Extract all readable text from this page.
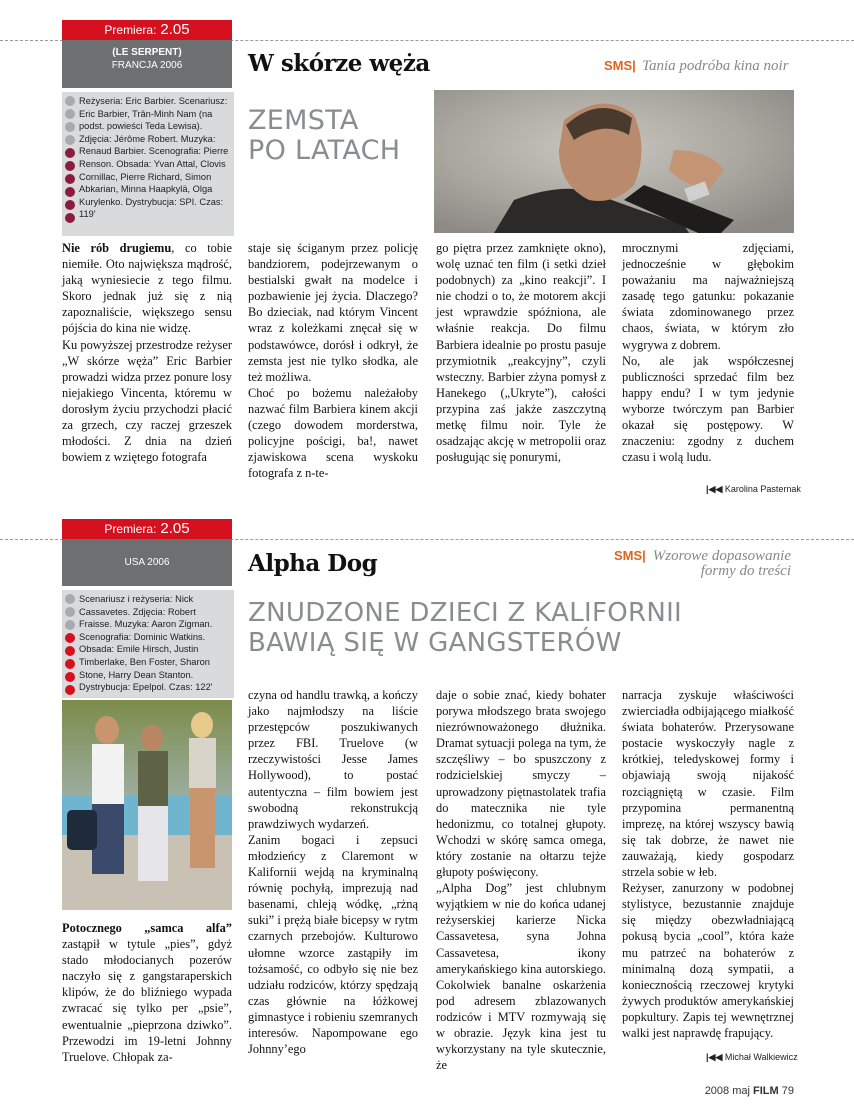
Premiera: 2.05
(LE SERPENT)
FRANCJA 2006	W skórze węża	SMS| Tania podróba kina noir
Reżyseria: Eric Barbier. Scenariusz: Eric Barbier, Trân-Minh Nam (na podst. powieści Teda Lewisa). Zdjęcia: Jérôme Robert. Muzyka: Renaud Barbier. Scenografia: Pierre Renson. Obsada: Yvan Attal, Clovis Cornillac, Pierre Richard, Simon Abkarian, Minna Haapkylä, Olga Kurylenko. Dystrybucja: SPI. Czas: 119'
ZEMSTA
PO LATACH

Nie rób drugiemu, co tobie niemiłe. Oto największa mądrość, jaką wyniesiecie z tego filmu. Skoro jednak już się z nią zapoznaliście, większego sensu pójścia do kina nie widzę.

Ku powyższej przestrodze reżyser „W skórze węża” Eric Barbier prowadzi widza przez ponure losy niejakiego Vincenta, któremu w dorosłym życiu przychodzi płacić za grzech, czy raczej grzeszek młodości. Z dnia na dzień bowiem z wziętego fotografa

staje się ściganym przez policję bandziorem, podejrzewanym o bestialski gwałt na modelce i pozbawienie jej życia. Dlaczego? Bo dzieciak, nad którym Vincent wraz z koleżkami znęcał się w podstawówce, dorósł i odkrył, że zemsta jest nie tylko słodka, ale też możliwa.

Choć po bożemu należałoby nazwać film Barbiera kinem akcji (czego dowodem morderstwa, policyjne pościgi, ba!, nawet zjawiskowa scena wyskoku fotografa z n-te-

go piętra przez zamknięte okno), wolę uznać ten film (i setki dzieł podobnych) za „kino reakcji”. I nie chodzi o to, że motorem akcji jest wprawdzie spóźniona, ale właśnie reakcja. Do filmu Barbiera idealnie po prostu pasuje przymiotnik „reakcyjny”, czyli wsteczny. Barbier zżyna pomysł z Hanekego („Ukryte”), całości przypina zaś jakże zaszczytną metkę filmu noir. Tyle że osadzając akcję w metropolii oraz posługując się ponurymi,

mrocznymi zdjęciami, jednocześnie w głębokim poważaniu ma najważniejszą zasadę tego gatunku: pokazanie świata zdominowanego przez chaos, świata, w którym zło wygrywa z dobrem.

No, ale jak współczesnej publiczności sprzedać film bez happy endu? I w tym jedynie wyborze twórczym pan Barbier okazał się postępowy. W znaczeniu: zgodny z duchem czasu i wolą ludu.

|◀◀ Karolina Pasternak
Premiera: 2.05
USA 2006	Alpha Dog	SMS| Wzorowe dopasowanie
formy do treści
Scenariusz i reżyseria: Nick Cassavetes. Zdjęcia: Robert Fraisse. Muzyka: Aaron Zigman. Scenografia: Dominic Watkins. Obsada: Emile Hirsch, Justin Timberlake, Ben Foster, Sharon Stone, Harry Dean Stanton. Dystrybucja: Epelpol. Czas: 122'
ZNUDZONE DZIECI Z KALIFORNII
BAWIĄ SIĘ W GANGSTERÓW

Potocznego „samca alfa” zastąpił w tytule „pies”, gdyż stado młodocianych pozerów naczyło się z gangstaraperskich klipów, że do bliźniego wypada zwracać się tylko per „psie”, ewentualnie „pieprzona dziwko”. Przewodzi im 19-letni Johnny Truelove. Chłopak za-

czyna od handlu trawką, a kończy jako najmłodszy na liście przestępców poszukiwanych przez FBI. Truelove (w rzeczywistości Jesse James Hollywood), to postać autentyczna – film bowiem jest swobodną rekonstrukcją prawdziwych wydarzeń.

Zanim bogaci i zepsuci młodzieńcy z Claremont w Kalifornii wejdą na kryminalną równię pochyłą, imprezują nad basenami, chleją wódkę, „rżną suki” i prężą białe bicepsy w rytm czarnych przebojów. Kulturowo ułomne wzorce zastąpiły im tożsamość, co odbyło się nie bez udziału rodziców, którzy spędzają czas głównie na łóżkowej gimnastyce i robieniu szemranych interesów. Napompowane ego Johnny’ego

daje o sobie znać, kiedy bohater porywa młodszego brata swojego niezrównoważonego dłużnika. Dramat sytuacji polega na tym, że szczęśliwy – bo spuszczony z rodzicielskiej smyczy – uprowadzony piętnastolatek trafia do matecznika nie tyle hedonizmu, co totalnej głupoty. Wchodzi w skórę samca omega, który zostanie na ołtarzu tejże głupoty poświęcony.

„Alpha Dog” jest chlubnym wyjątkiem w nie do końca udanej reżyserskiej karierze Nicka Cassavetesa, syna Johna Cassavetesa, ikony amerykańskiego kina autorskiego. Cokolwiek banalne oskarżenia pod adresem zblazowanych rodziców i MTV rozmywają się w obrazie. Język kina jest tu wykorzystany na tyle skutecznie, że

narracja zyskuje właściwości zwierciadła odbijającego miałkość świata bohaterów. Przerysowane postacie wyskoczyły nagle z krótkiej, teledyskowej formy i objawiają swoją nijakość rozciągniętą w czasie. Film przypomina permanentną imprezę, na której wszyscy bawią się tak dobrze, że nawet nie zauważają, kiedy gospodarz strzela sobie w łeb.

Reżyser, zanurzony w podobnej stylistyce, bezustannie znajduje się między obezwładniającą pokusą bycia „cool”, która każe mu patrzeć na bohaterów z minimalną dozą sympatii, a koniecznością rzeczowej krytyki żywych produktów amerykańskiej popkultury. Zapis tej wewnętrznej walki jest naprawdę frapujący.

|◀◀ Michał Walkiewicz
2008 maj FILM 79
